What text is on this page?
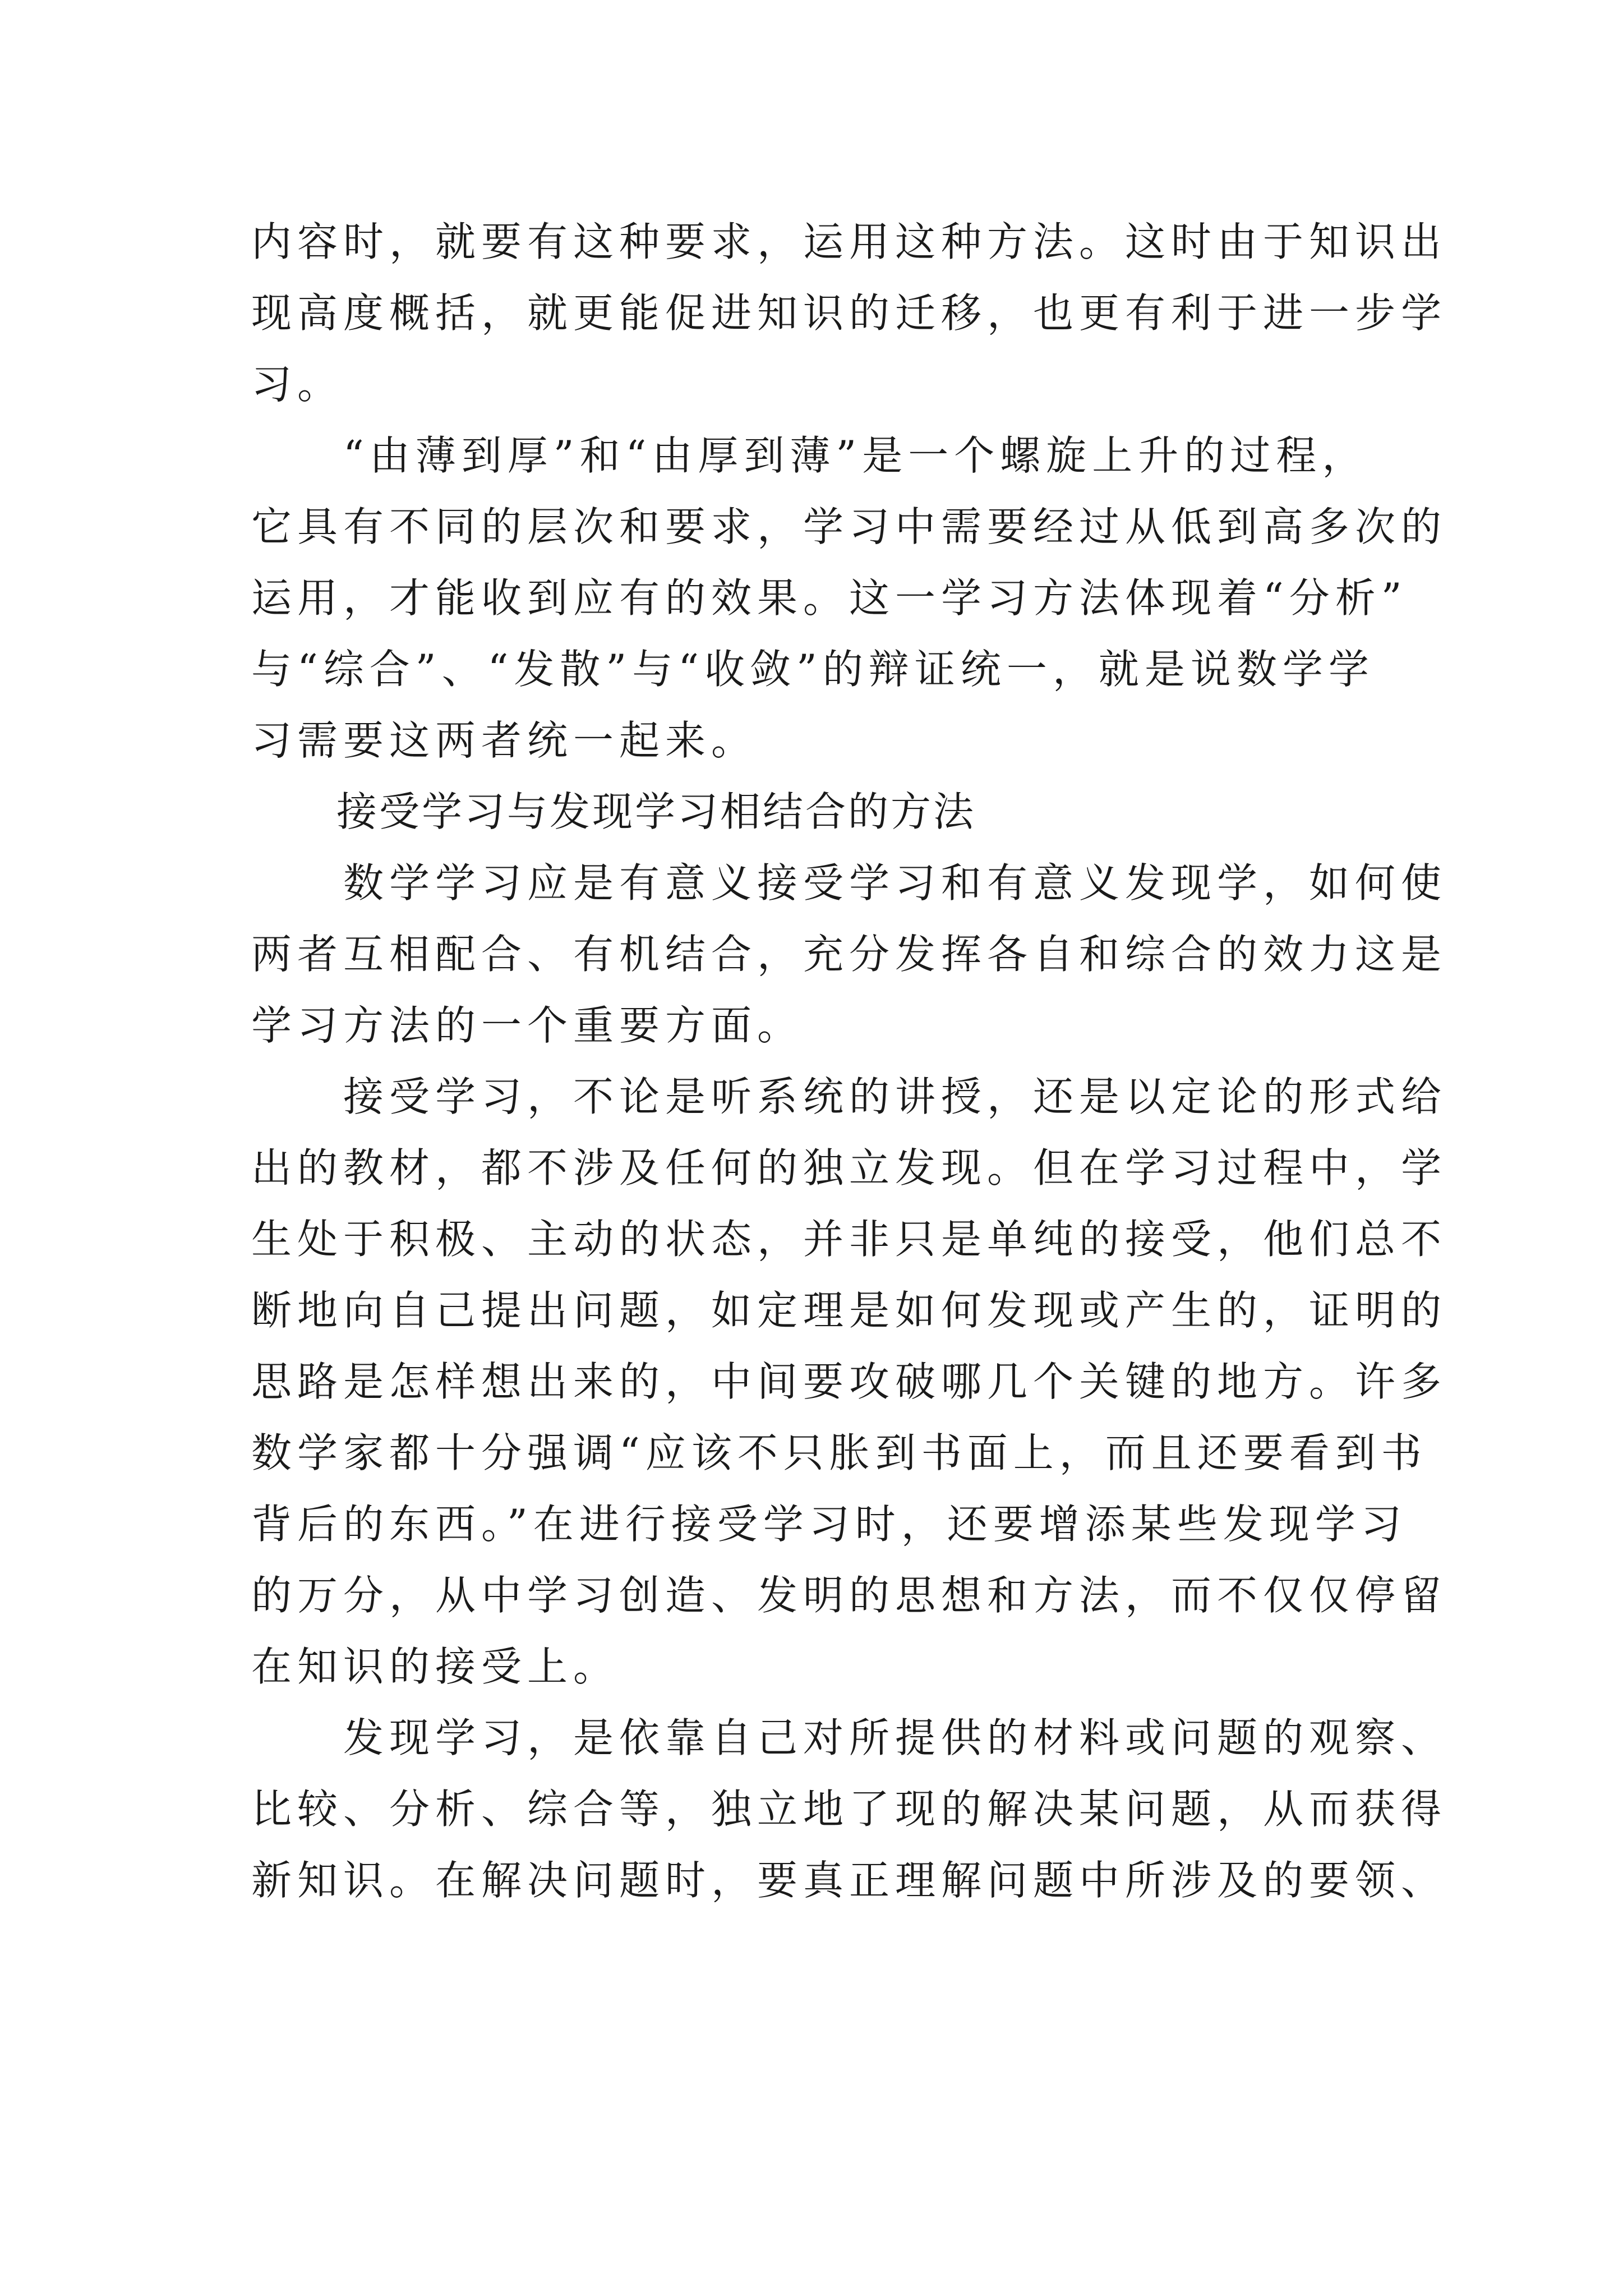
内容时，就要有这种要求，运用这种方法。这时由于知识出
现高度概括，就更能促进知识的迁移，也更有利于进一步学
习。
　　“由薄到厚”和“由厚到薄”是一个螺旋上升的过程，
它具有不同的层次和要求，学习中需要经过从低到高多次的
运用，才能收到应有的效果。这一学习方法体现着“分析”
与“综合”、“发散”与“收敛”的辩证统一，就是说数学学
习需要这两者统一起来。
　　接受学习与发现学习相结合的方法
　　数学学习应是有意义接受学习和有意义发现学，如何使
两者互相配合、有机结合，充分发挥各自和综合的效力这是
学习方法的一个重要方面。
　　接受学习，不论是听系统的讲授，还是以定论的形式给
出的教材，都不涉及任何的独立发现。但在学习过程中，学
生处于积极、主动的状态，并非只是单纯的接受，他们总不
断地向自己提出问题，如定理是如何发现或产生的，证明的
思路是怎样想出来的，中间要攻破哪几个关键的地方。许多
数学家都十分强调“应该不只胀到书面上，而且还要看到书
背后的东西。”在进行接受学习时，还要增添某些发现学习
的万分，从中学习创造、发明的思想和方法，而不仅仅停留
在知识的接受上。
　　发现学习，是依靠自己对所提供的材料或问题的观察、
比较、分析、综合等，独立地了现的解决某问题，从而获得
新知识。在解决问题时，要真正理解问题中所涉及的要领、
